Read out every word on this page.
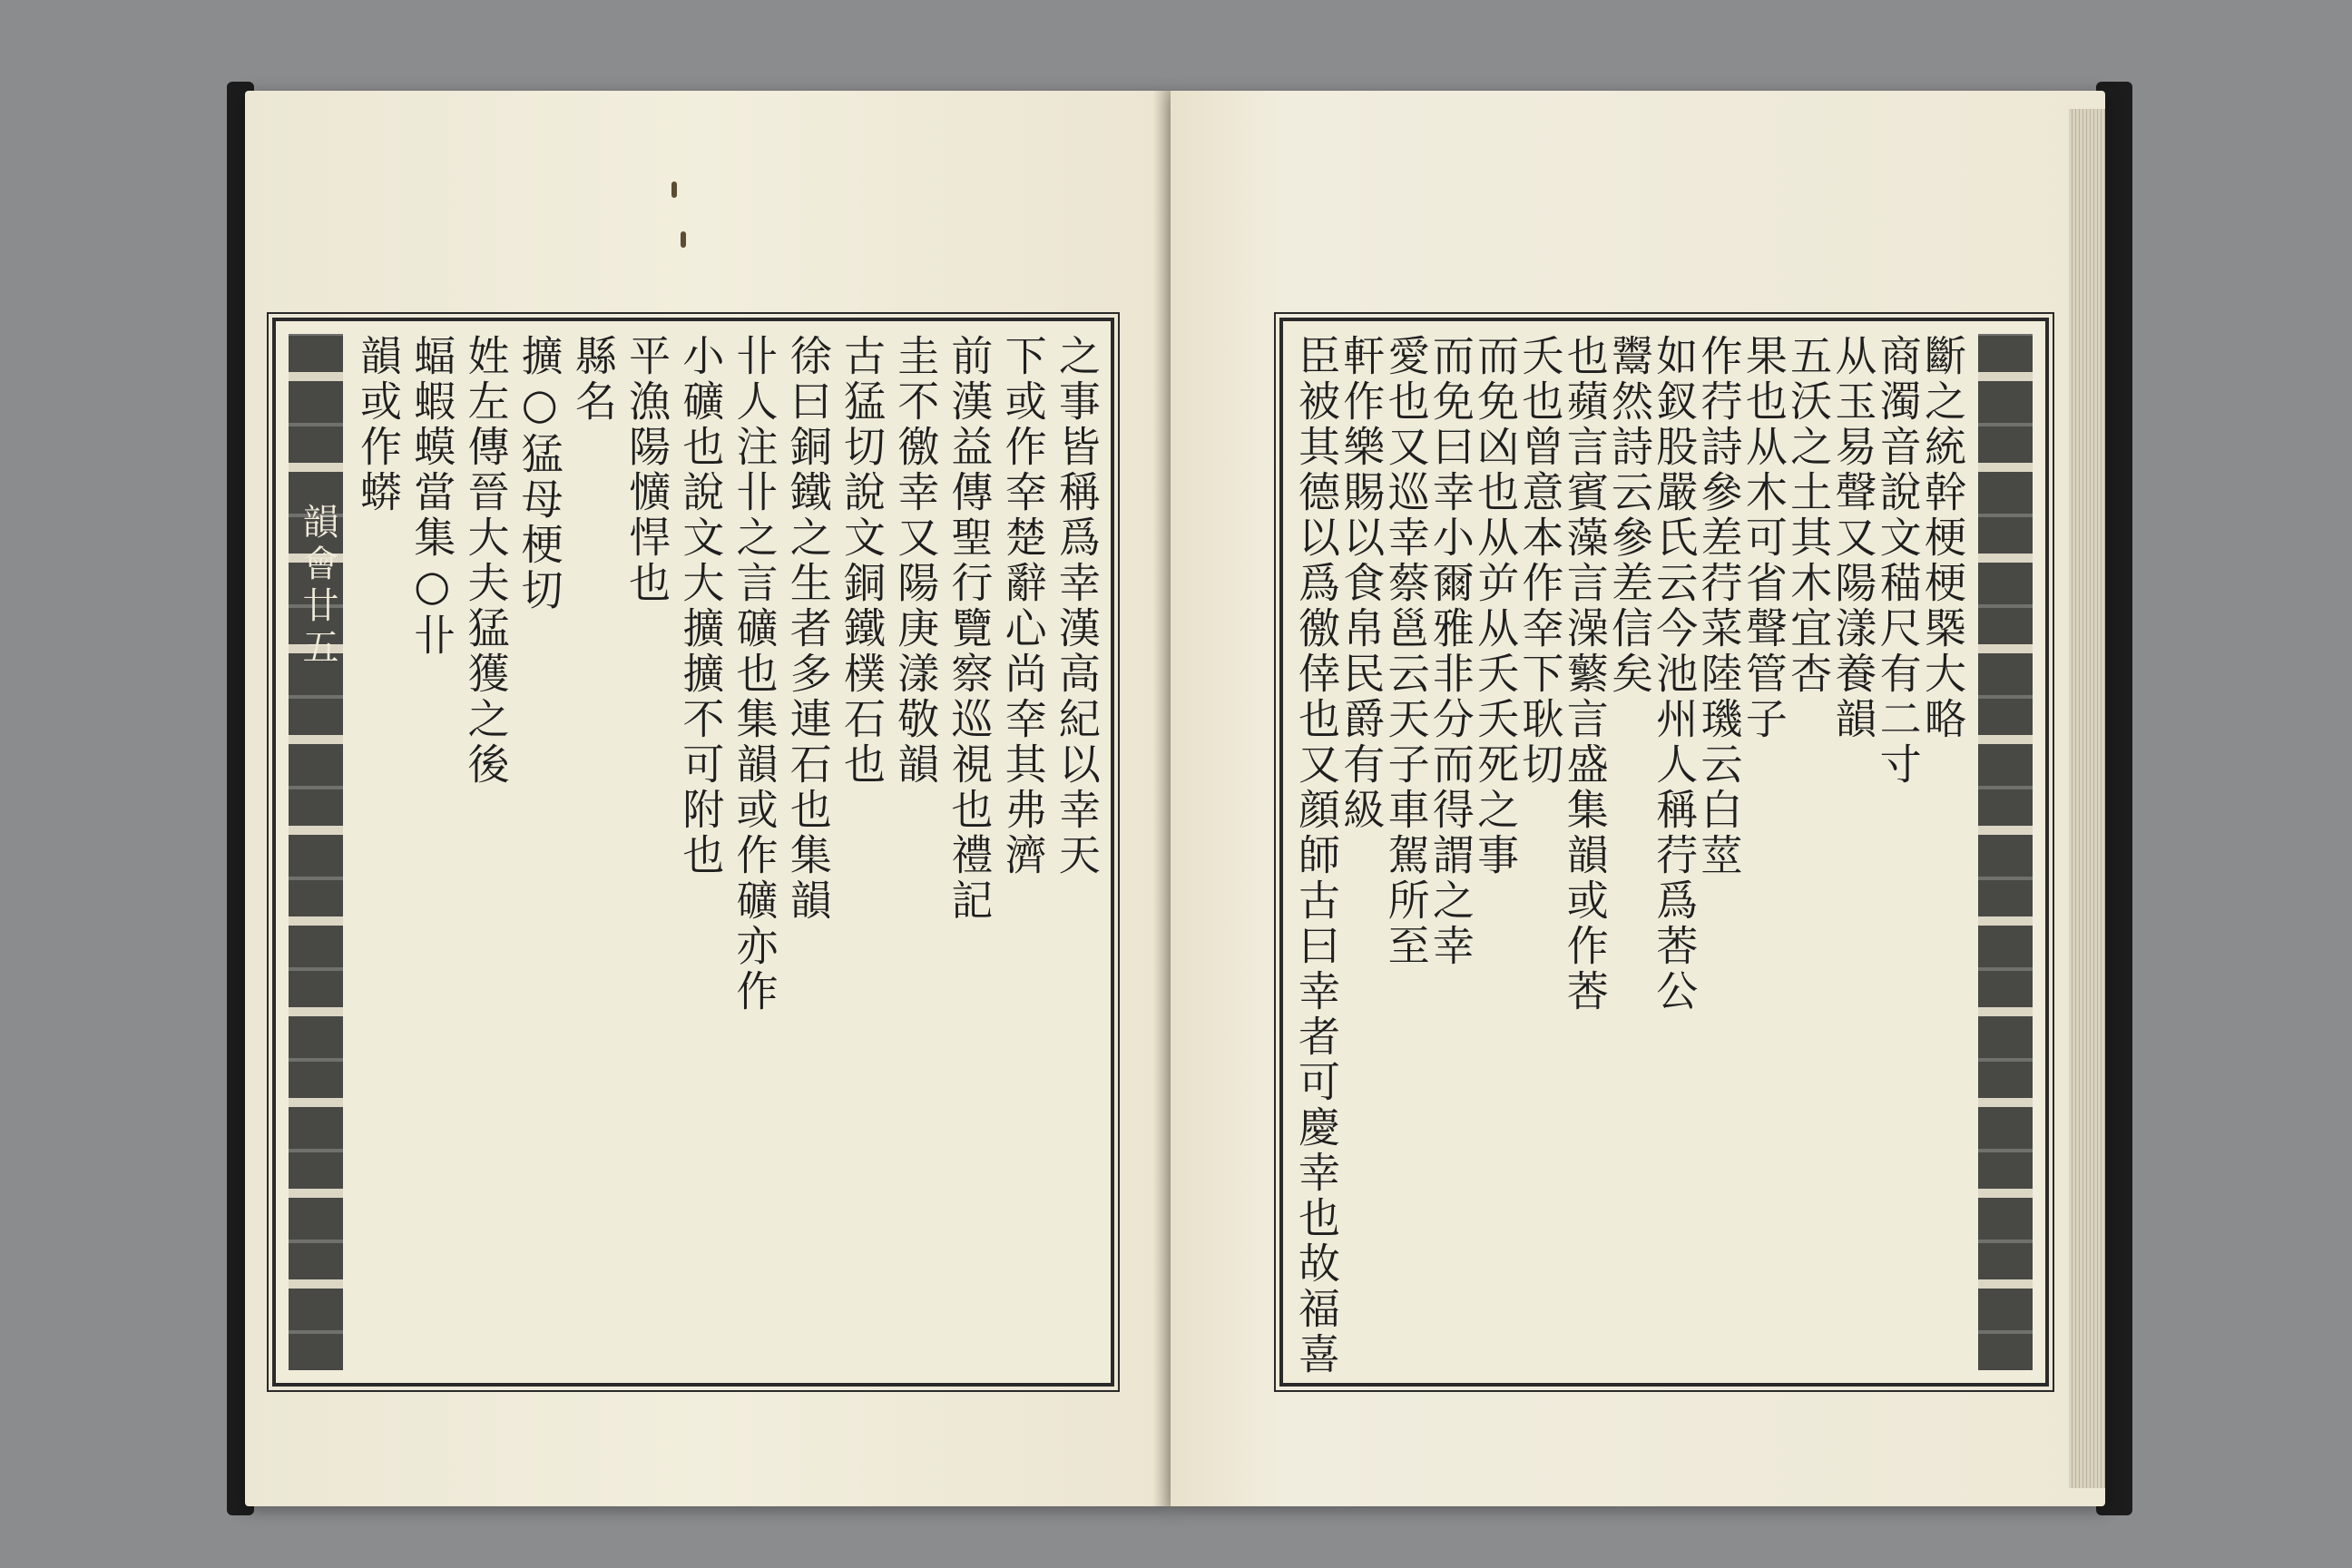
韻會廿五	之事皆稱爲幸漢高紀以幸天
下或作㚔楚辭心尚㚔其弗濟
前漢益傳聖行覽察巡視也禮記
圭不徼幸又陽庚漾敬韻
古猛切說文銅鐵樸石也
徐曰銅鐵之生者多連石也集韻
卝人注卝之言礦也集韻或作礦亦作
小礦也說文大擴擴不可附也
平漁陽懭悍也
縣名
擴○猛母梗切
姓左傳晉大夫猛獲之後
蝠蝦蟆當集○卝
韻或作蟒	斷之統幹梗梗槩大略
商濁音說文䅦尺有二寸
从玉易聲又陽漾養韻
五沃之土其木宜杏
果也从木可省聲管子
作荇詩參差荇菜陸璣云白莖
如釵股嚴氏云今池州人稱荇爲莕公
鬻然詩云參差信矣
也蘋言賓藻言澡蘩言盛集韻或作莕
夭也曾意本作㚔下耿切
而免凶也从屰从夭夭死之事
而免曰幸小爾雅非分而得謂之幸
愛也又巡幸蔡邕云天子車駕所至
軒作樂賜以食帛民爵有級
臣被其德以爲徼倖也又顔師古曰幸者可慶幸也故福喜
